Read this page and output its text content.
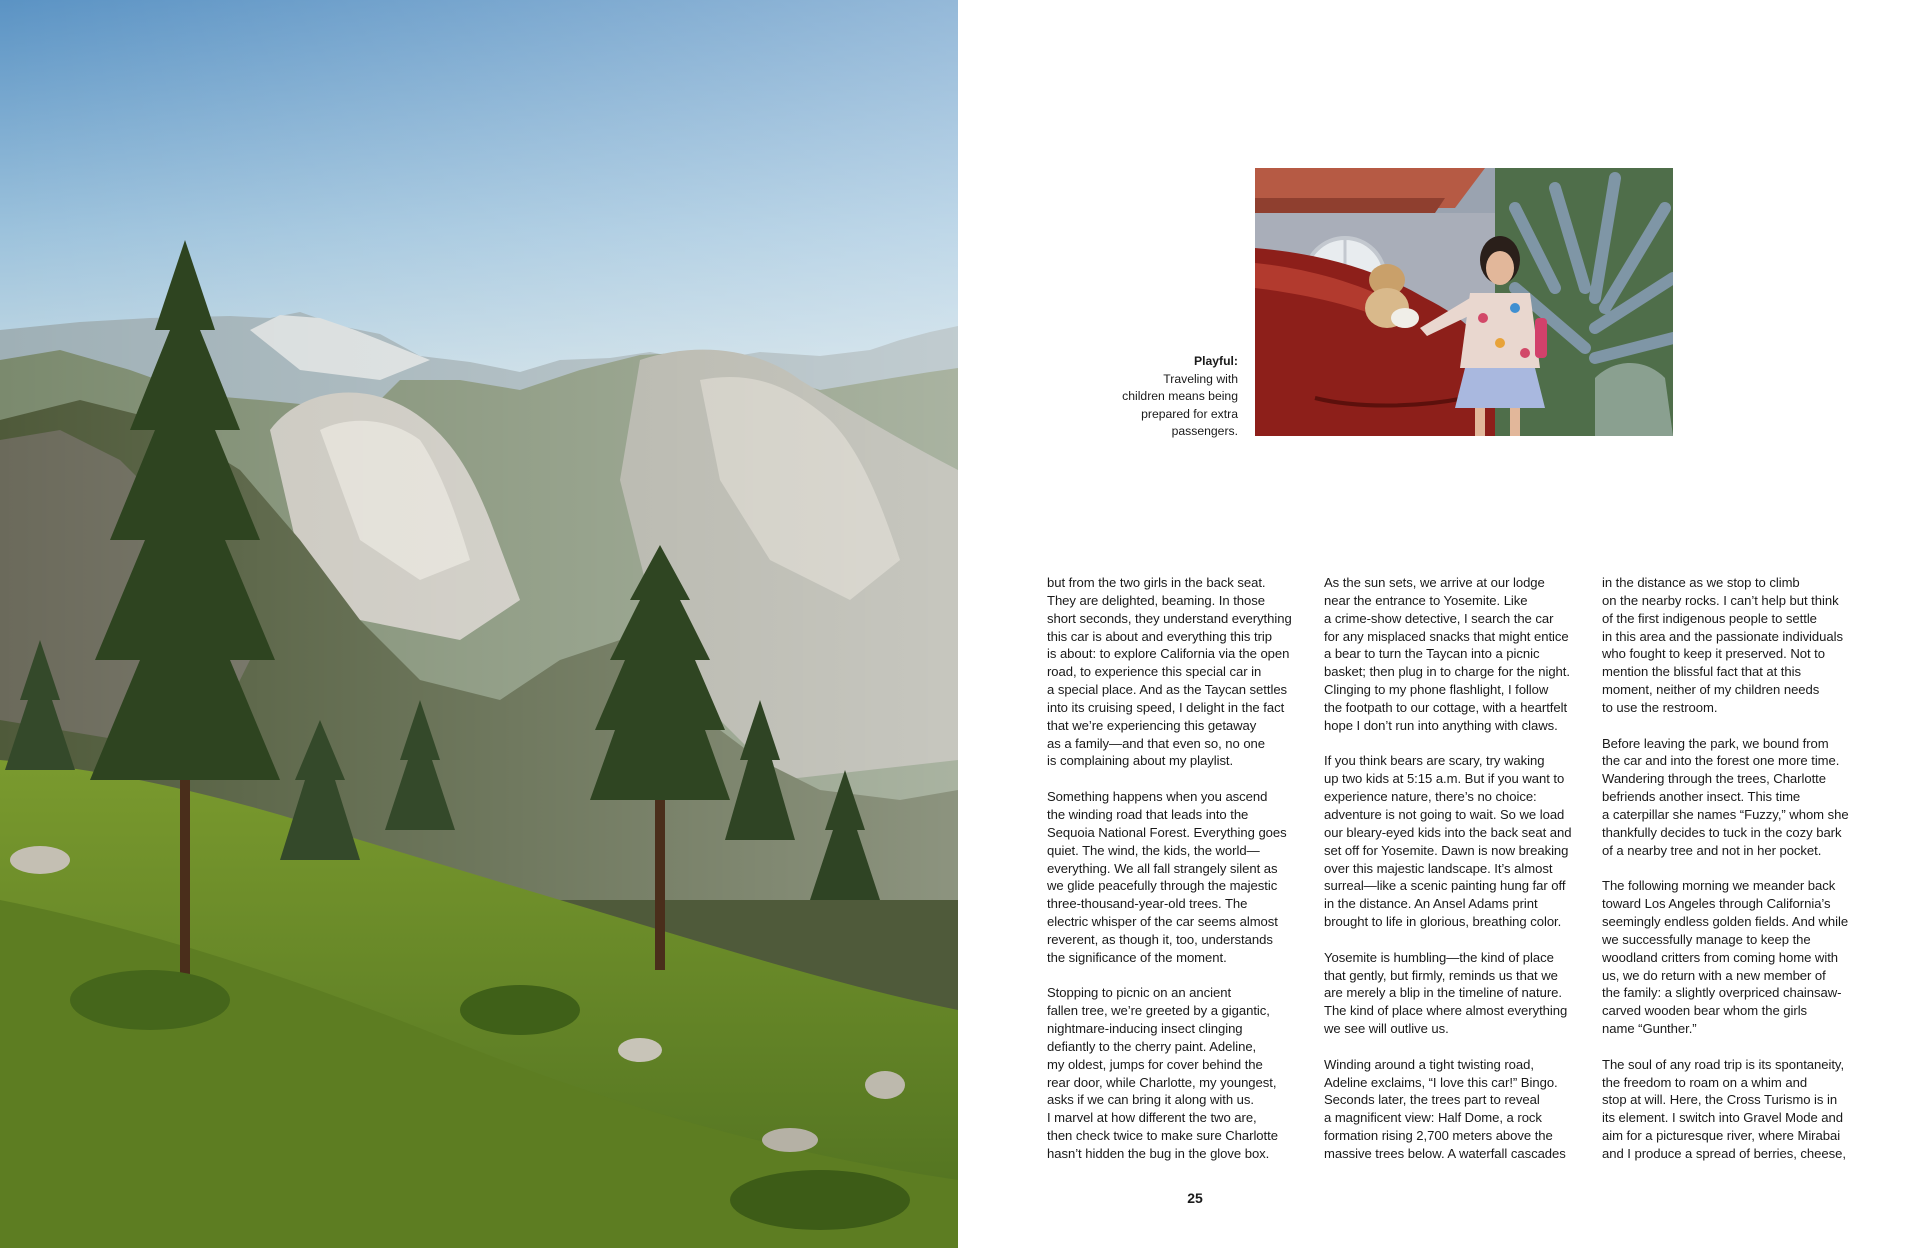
Playful:
Traveling with
children means being
prepared for extra
passengers.

but from the two girls in the back seat.
They are delighted, beaming. In those
short seconds, they understand everything
this car is about and everything this trip
is about: to explore California via the open
road, to experience this special car in
a special place. And as the Taycan settles
into its cruising speed, I delight in the fact
that we’re experiencing this getaway
as a family—and that even so, no one
is complaining about my playlist.

Something happens when you ascend
the winding road that leads into the
Sequoia National Forest. Everything goes
quiet. The wind, the kids, the world—
everything. We all fall strangely silent as
we glide peacefully through the majestic
three-thousand-year-old trees. The
electric whisper of the car seems almost
reverent, as though it, too, understands
the significance of the moment.

Stopping to picnic on an ancient
fallen tree, we’re greeted by a gigantic,
nightmare-inducing insect clinging
defiantly to the cherry paint. Adeline,
my oldest, jumps for cover behind the
rear door, while Charlotte, my youngest,
asks if we can bring it along with us.
I marvel at how different the two are,
then check twice to make sure Charlotte
hasn’t hidden the bug in the glove box.

As the sun sets, we arrive at our lodge
near the entrance to Yosemite. Like
a crime-show detective, I search the car
for any misplaced snacks that might entice
a bear to turn the Taycan into a picnic
basket; then plug in to charge for the night.
Clinging to my phone flashlight, I follow
the footpath to our cottage, with a heartfelt
hope I don’t run into anything with claws.

If you think bears are scary, try waking
up two kids at 5:15 a.m. But if you want to
experience nature, there’s no choice:
adventure is not going to wait. So we load
our bleary-eyed kids into the back seat and
set off for Yosemite. Dawn is now breaking
over this majestic landscape. It’s almost
surreal—like a scenic painting hung far off
in the distance. An Ansel Adams print
brought to life in glorious, breathing color.

Yosemite is humbling—the kind of place
that gently, but firmly, reminds us that we
are merely a blip in the timeline of nature.
The kind of place where almost everything
we see will outlive us.

Winding around a tight twisting road,
Adeline exclaims, “I love this car!” Bingo.
Seconds later, the trees part to reveal
a magnificent view: Half Dome, a rock
formation rising 2,700 meters above the
massive trees below. A waterfall cascades

in the distance as we stop to climb
on the nearby rocks. I can’t help but think
of the first indigenous people to settle
in this area and the passionate individuals
who fought to keep it preserved. Not to
mention the blissful fact that at this
moment, neither of my children needs
to use the restroom.

Before leaving the park, we bound from
the car and into the forest one more time.
Wandering through the trees, Charlotte
befriends another insect. This time
a caterpillar she names “Fuzzy,” whom she
thankfully decides to tuck in the cozy bark
of a nearby tree and not in her pocket.

The following morning we meander back
toward Los Angeles through California’s
seemingly endless golden fields. And while
we successfully manage to keep the
woodland critters from coming home with
us, we do return with a new member of
the family: a slightly overpriced chainsaw-
carved wooden bear whom the girls
name “Gunther.”

The soul of any road trip is its spontaneity,
the freedom to roam on a whim and
stop at will. Here, the Cross Turismo is in
its element. I switch into Gravel Mode and
aim for a picturesque river, where Mirabai
and I produce a spread of berries, cheese,

25
